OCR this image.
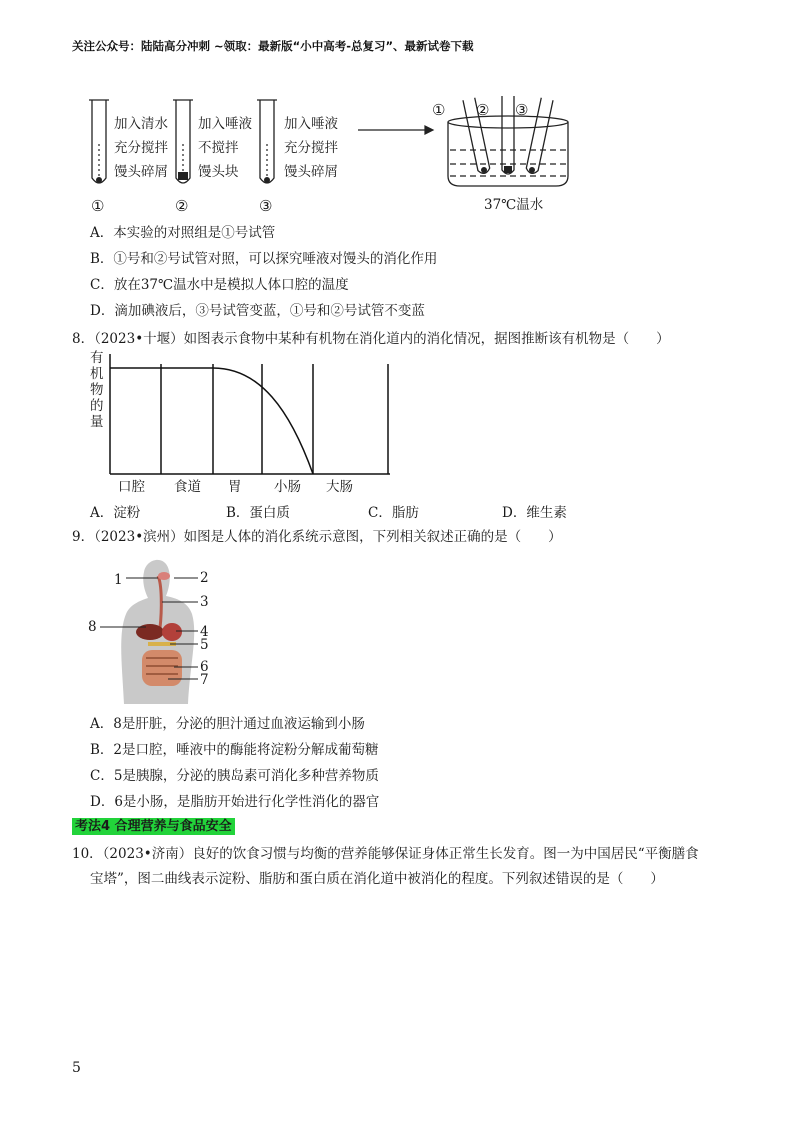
关注公众号：陆陆高分冲刺 ~领取：最新版“小中高考-总复习”、最新试卷下载
加入清水
充分搅拌
馒头碎屑
加入唾液
不搅拌
馒头块
加入唾液
充分搅拌
馒头碎屑
①	②	③
① ② ③
37℃温水
A．本实验的对照组是①号试管
B．①号和②号试管对照，可以探究唾液对馒头的消化作用
C．放在37℃温水中是模拟人体口腔的温度
D．滴加碘液后，③号试管变蓝，①号和②号试管不变蓝
8．（2023•十堰）如图表示食物中某种有机物在消化道内的消化情况，据图推断该有机物是（　　）
有
机
物
的
量
口腔 食道 胃 小肠 大肠
A．淀粉	B．蛋白质	C．脂肪	D．维生素
9．（2023•滨州）如图是人体的消化系统示意图，下列相关叙述正确的是（　　）
1	2
3
8	4
5
6
7
A．8是肝脏，分泌的胆汁通过血液运输到小肠
B．2是口腔，唾液中的酶能将淀粉分解成葡萄糖
C．5是胰腺，分泌的胰岛素可消化多种营养物质
D．6是小肠，是脂肪开始进行化学性消化的器官
考法4 合理营养与食品安全
10．（2023•济南）良好的饮食习惯与均衡的营养能够保证身体正常生长发育。图一为中国居民“平衡膳食
宝塔”，图二曲线表示淀粉、脂肪和蛋白质在消化道中被消化的程度。下列叙述错误的是（　　）
5
